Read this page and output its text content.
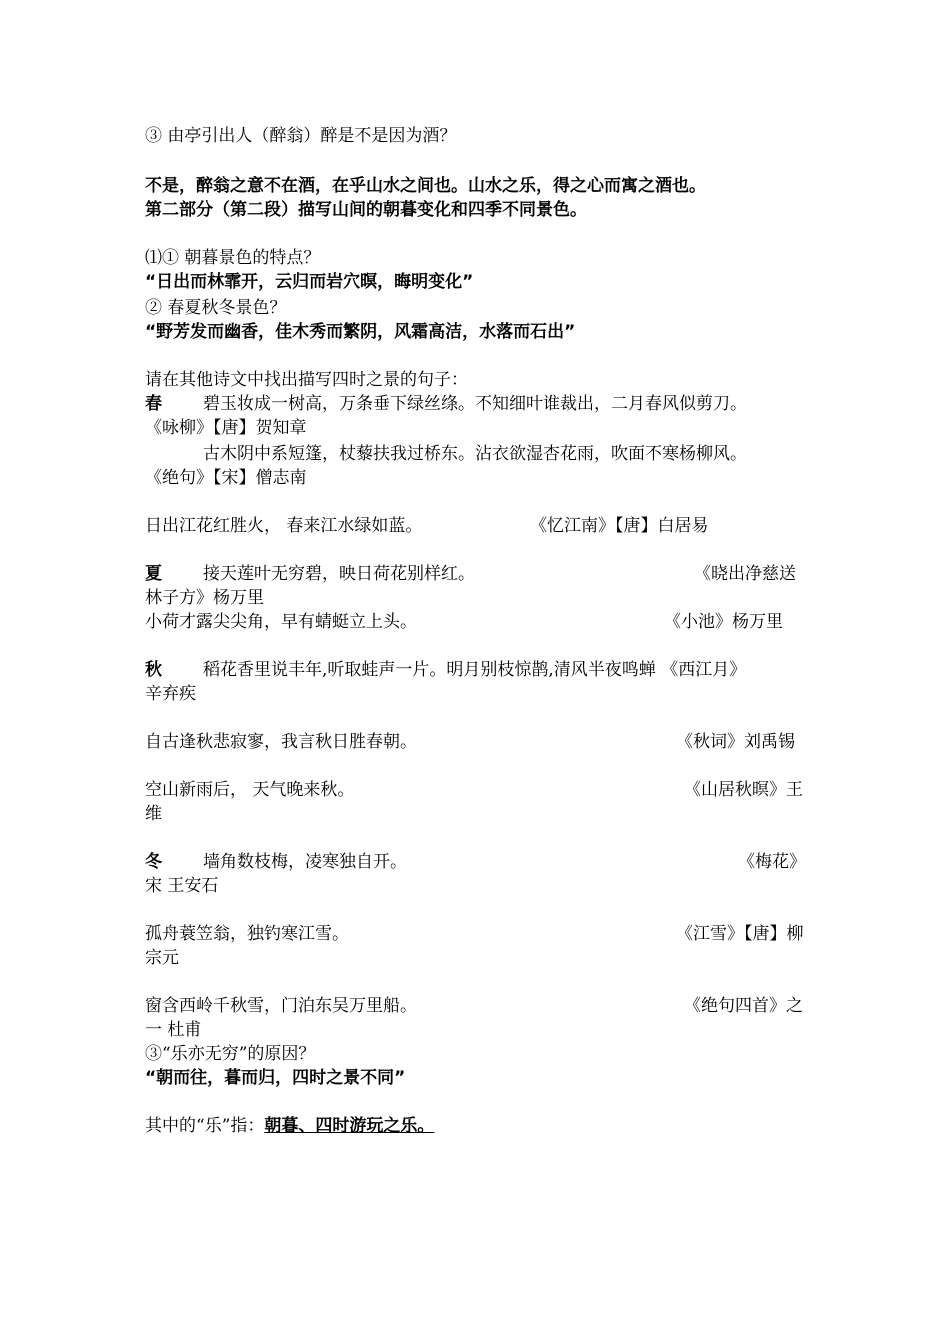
③ 由亭引出人（醉翁）醉是不是因为酒？
不是，醉翁之意不在酒，在乎山水之间也。山水之乐，得之心而寓之酒也。
第二部分（第二段）描写山间的朝暮变化和四季不同景色。
⑴① 朝暮景色的特点？
“日出而林霏开，云归而岩穴暝，晦明变化”
② 春夏秋冬景色？
“野芳发而幽香，佳木秀而繁阴，风霜高洁，水落而石出”
请在其他诗文中找出描写四时之景的句子：
春 碧玉妆成一树高，万条垂下绿丝绦。不知细叶谁裁出，二月春风似剪刀。
《咏柳》【唐】贺知章
古木阴中系短篷，杖藜扶我过桥东。沾衣欲湿杏花雨，吹面不寒杨柳风。
《绝句》【宋】僧志南
日出江花红胜火， 春来江水绿如蓝。	《忆江南》【唐】白居易
夏 接天莲叶无穷碧，映日荷花别样红。	《晓出净慈送
林子方》杨万里
小荷才露尖尖角，早有蜻蜓立上头。	《小池》杨万里
秋 稻花香里说丰年,听取蛙声一片。明月别枝惊鹊,清风半夜鸣蝉 《西江月》
辛弃疾
自古逢秋悲寂寥，我言秋日胜春朝。	《秋词》刘禹锡
空山新雨后， 天气晚来秋。	《山居秋暝》王
维
冬 墙角数枝梅，凌寒独自开。	《梅花》
宋 王安石
孤舟蓑笠翁，独钓寒江雪。	《江雪》【唐】柳
宗元
窗含西岭千秋雪，门泊东吴万里船。	《绝句四首》之
一 杜甫
③“乐亦无穷”的原因？
“朝而往，暮而归，四时之景不同”
其中的“乐”指：朝暮、四时游玩之乐。
